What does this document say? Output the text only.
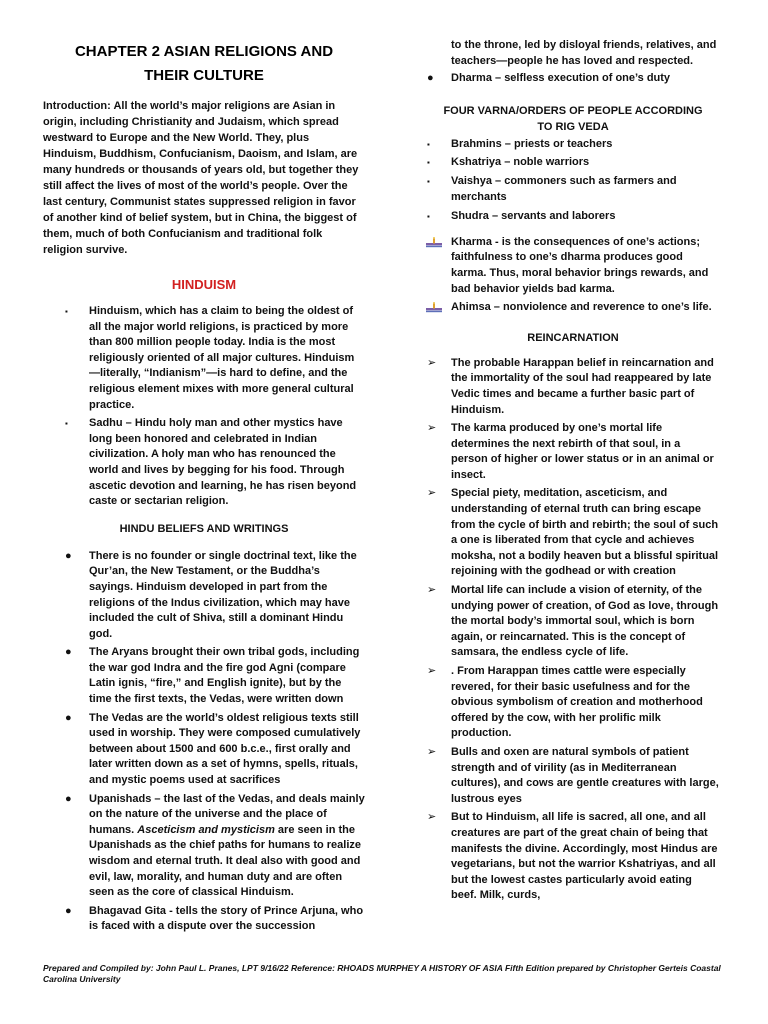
CHAPTER 2 ASIAN RELIGIONS AND
THEIR CULTURE

Introduction: All the world’s major religions are Asian in origin, including Christianity and Judaism, which spread westward to Europe and the New World. They, plus Hinduism, Buddhism, Confucianism, Daoism, and Islam, are many hundreds or thousands of years old, but together they still affect the lives of most of the world’s people. Over the last century, Communist states suppressed religion in favor of another kind of belief system, but in China, the biggest of them, much of both Confucianism and traditional folk religion survive.

HINDUISM
▪ Hinduism, which has a claim to being the oldest of all the major world religions, is practiced by more than 800 million people today. India is the most religiously oriented of all major cultures. Hinduism—literally, “Indianism”—is hard to define, and the religious element mixes with more general cultural practice.
▪ Sadhu – Hindu holy man and other mystics have long been honored and celebrated in Indian civilization. A holy man who has renounced the world and lives by begging for his food. Through ascetic devotion and learning, he has risen beyond caste or sectarian religion.
HINDU BELIEFS AND WRITINGS
● There is no founder or single doctrinal text, like the Qur’an, the New Testament, or the Buddha’s sayings. Hinduism developed in part from the religions of the Indus civilization, which may have included the cult of Shiva, still a dominant Hindu god.
● The Aryans brought their own tribal gods, including the war god Indra and the fire god Agni (compare Latin ignis, “fire,” and English ignite), but by the time the first texts, the Vedas, were written down
● The Vedas are the world’s oldest religious texts still used in worship. They were composed cumulatively between about 1500 and 600 b.c.e., first orally and later written down as a set of hymns, spells, rituals, and mystic poems used at sacrifices
● Upanishads – the last of the Vedas, and deals mainly on the nature of the universe and the place of humans. Asceticism and mysticism are seen in the Upanishads as the chief paths for humans to realize wisdom and eternal truth. It deal also with good and evil, law, morality, and human duty and are often seen as the core of classical Hinduism.
● Bhagavad Gita - tells the story of Prince Arjuna, who is faced with a dispute over the succession

to the throne, led by disloyal friends, relatives, and teachers—people he has loved and respected.

● Dharma – selfless execution of one’s duty
FOUR VARNA/ORDERS OF PEOPLE ACCORDING
TO RIG VEDA
▪ Brahmins – priests or teachers
▪ Kshatriya – noble warriors
▪ Vaishya – commoners such as farmers and merchants
▪ Shudra – servants and laborers
Kharma - is the consequences of one’s actions; faithfulness to one’s dharma produces good karma. Thus, moral behavior brings rewards, and bad behavior yields bad karma.
Ahimsa – nonviolence and reverence to one’s life.
REINCARNATION
➢ The probable Harappan belief in reincarnation and the immortality of the soul had reappeared by late Vedic times and became a further basic part of Hinduism.
➢ The karma produced by one’s mortal life determines the next rebirth of that soul, in a person of higher or lower status or in an animal or insect.
➢ Special piety, meditation, asceticism, and understanding of eternal truth can bring escape from the cycle of birth and rebirth; the soul of such a one is liberated from that cycle and achieves moksha, not a bodily heaven but a blissful spiritual rejoining with the godhead or with creation
➢ Mortal life can include a vision of eternity, of the undying power of creation, of God as love, through the mortal body’s immortal soul, which is born again, or reincarnated. This is the concept of samsara, the endless cycle of life.
➢ . From Harappan times cattle were especially revered, for their basic usefulness and for the obvious symbolism of creation and motherhood offered by the cow, with her prolific milk production.
➢ Bulls and oxen are natural symbols of patient strength and of virility (as in Mediterranean cultures), and cows are gentle creatures with large, lustrous eyes
➢ But to Hinduism, all life is sacred, all one, and all creatures are part of the great chain of being that manifests the divine. Accordingly, most Hindus are vegetarians, but not the warrior Kshatriyas, and all but the lowest castes particularly avoid eating beef. Milk, curds,
Prepared and Compiled by: John Paul L. Pranes, LPT 9/16/22 Reference: RHOADS MURPHEY A HISTORY OF ASIA Fifth Edition prepared by Christopher Gerteis Coastal Carolina University
